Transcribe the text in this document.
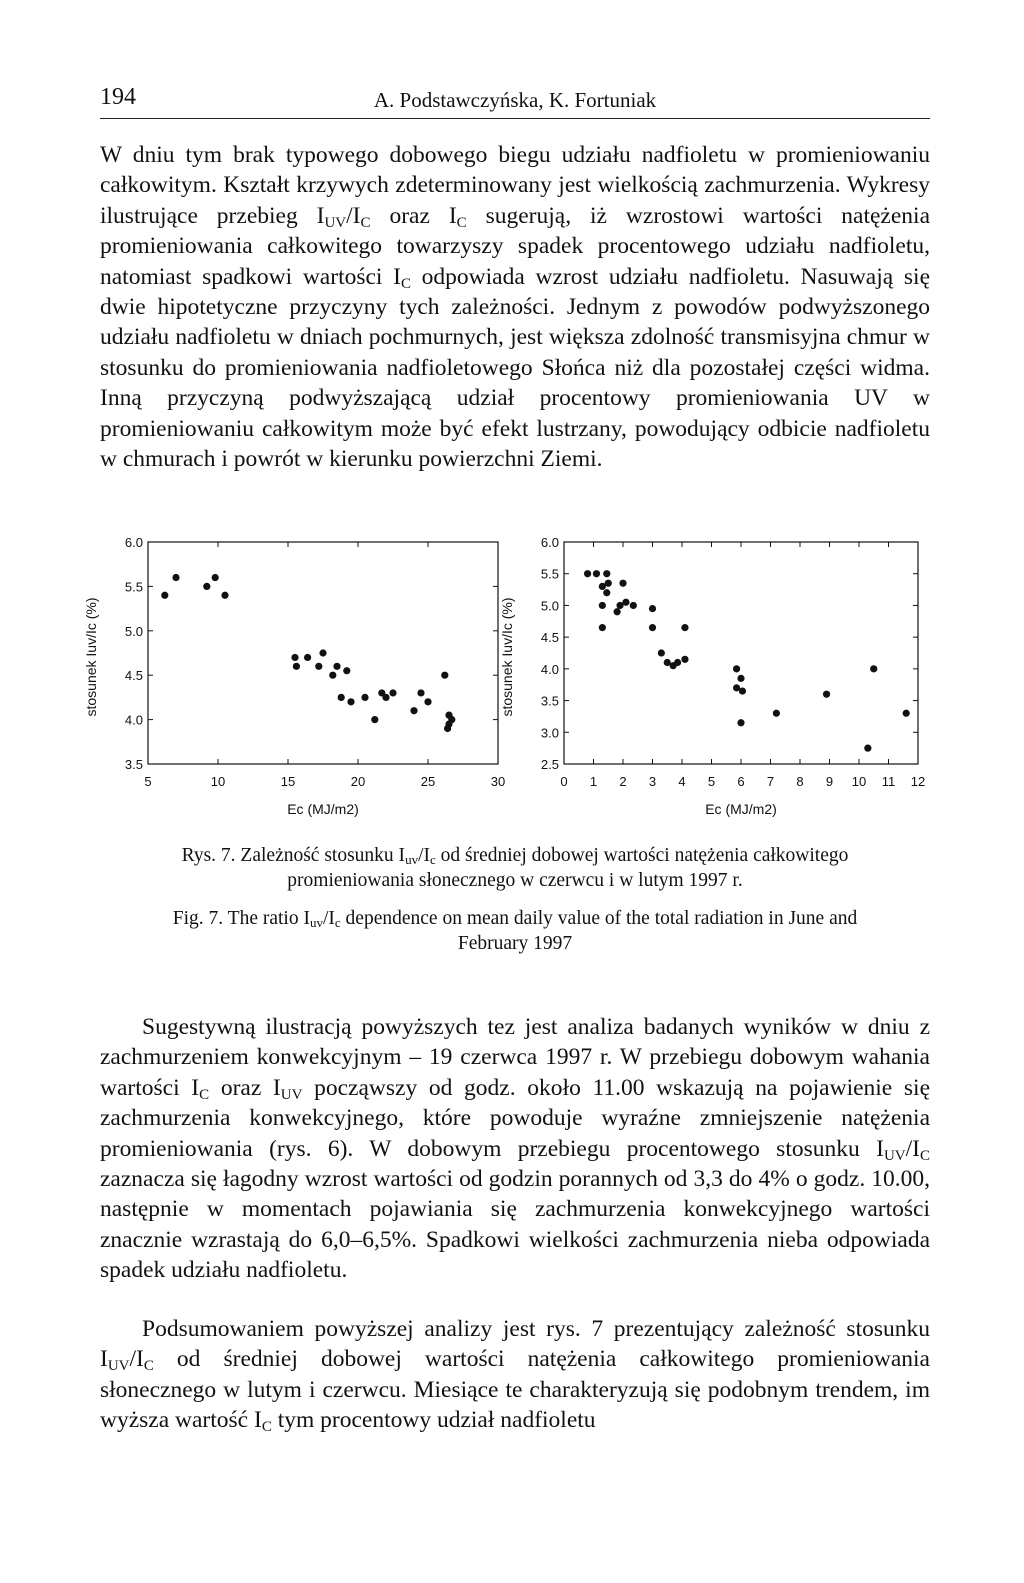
194	A. Podstawczyńska, K. Fortuniak

W dniu tym brak typowego dobowego biegu udziału nadfioletu w promieniowaniu całkowitym. Kształt krzywych zdeterminowany jest wielkością zachmurzenia. Wykresy ilustrujące przebieg $I_{UV}/I_C$ oraz $I_C$ sugerują, iż wzrostowi wartości natężenia promieniowania całkowitego towarzyszy spadek procentowego udziału nadfioletu, natomiast spadkowi wartości $I_C$ odpowiada wzrost udziału nadfioletu. Nasuwają się dwie hipotetyczne przyczyny tych zależności. Jednym z powodów podwyższonego udziału nadfioletu w dniach pochmurnych, jest większa zdolność transmisyjna chmur w stosunku do promieniowania nadfioletowego Słońca niż dla pozostałej części widma. Inną przyczyną podwyższającą udział procentowy promieniowania UV w promieniowaniu całkowitym może być efekt lustrzany, powodujący odbicie nadfioletu w chmurach i powrót w kierunku powierzchni Ziemi.

5	10	15	20	25	30
3.5
4.0
4.5
5.0
5.5
6.0
Ec (MJ/m2)
stosunek Iuv/Ic (%)
0 1 2 3 4 5 6 7 8 9 10 11 12
2.5
3.0
3.5
4.0
4.5
5.0
5.5
6.0
Ec (MJ/m2)
stosunek Iuv/Ic (%)

Rys. 7. Zależność stosunku $I_{uv}/I_c$ od średniej dobowej wartości natężenia całkowitego promieniowania słonecznego w czerwcu i w lutym 1997 r.

Fig. 7. The ratio $I_{uv}/I_c$ dependence on mean daily value of the total radiation in June and February 1997

Sugestywną ilustracją powyższych tez jest analiza badanych wyników w dniu z zachmurzeniem konwekcyjnym – 19 czerwca 1997 r. W przebiegu dobowym wahania wartości $I_C$ oraz $I_{UV}$ począwszy od godz. około 11.00 wskazują na pojawienie się zachmurzenia konwekcyjnego, które powoduje wyraźne zmniejszenie natężenia promieniowania (rys. 6). W dobowym przebiegu procentowego stosunku $I_{UV}/I_C$ zaznacza się łagodny wzrost wartości od godzin porannych od 3,3 do 4% o godz. 10.00, następnie w momentach pojawiania się zachmurzenia konwekcyjnego wartości znacznie wzrastają do 6,0–6,5%. Spadkowi wielkości zachmurzenia nieba odpowiada spadek udziału nadfioletu.

Podsumowaniem powyższej analizy jest rys. 7 prezentujący zależność stosunku $I_{UV}/I_C$ od średniej dobowej wartości natężenia całkowitego promieniowania słonecznego w lutym i czerwcu. Miesiące te charakteryzują się podobnym trendem, im wyższa wartość $I_C$ tym procentowy udział nadfioletu
